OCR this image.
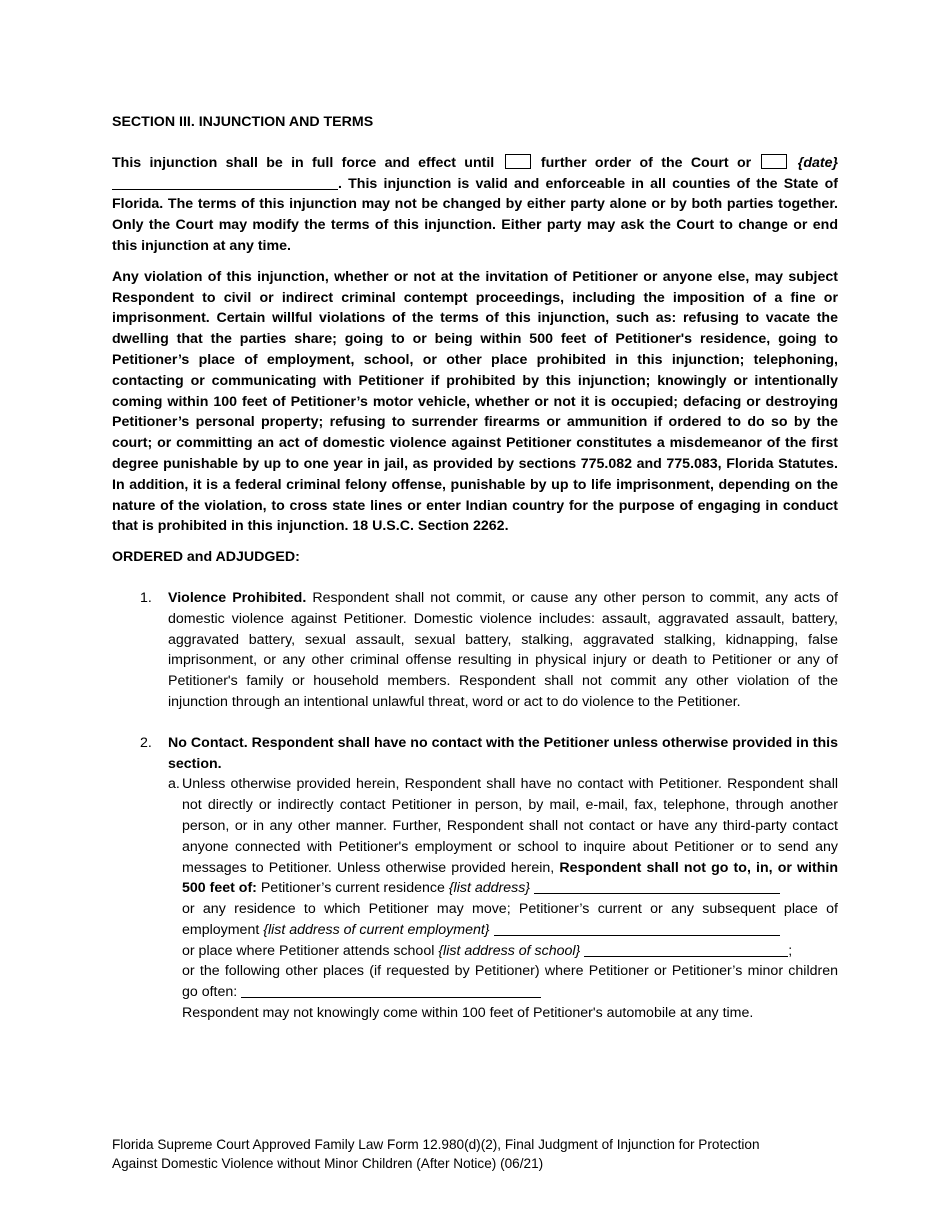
SECTION III. INJUNCTION AND TERMS
This injunction shall be in full force and effect until	further order of the Court or	{date}. This injunction is valid and enforceable in all counties of the State of Florida. The terms of this injunction may not be changed by either party alone or by both parties together. Only the Court may modify the terms of this injunction. Either party may ask the Court to change or end this injunction at any time.
Any violation of this injunction, whether or not at the invitation of Petitioner or anyone else, may subject Respondent to civil or indirect criminal contempt proceedings, including the imposition of a fine or imprisonment. Certain willful violations of the terms of this injunction, such as: refusing to vacate the dwelling that the parties share; going to or being within 500 feet of Petitioner's residence, going to Petitioner’s place of employment, school, or other place prohibited in this injunction; telephoning, contacting or communicating with Petitioner if prohibited by this injunction; knowingly or intentionally coming within 100 feet of Petitioner’s motor vehicle, whether or not it is occupied; defacing or destroying Petitioner’s personal property; refusing to surrender firearms or ammunition if ordered to do so by the court; or committing an act of domestic violence against Petitioner constitutes a misdemeanor of the first degree punishable by up to one year in jail, as provided by sections 775.082 and 775.083, Florida Statutes. In addition, it is a federal criminal felony offense, punishable by up to life imprisonment, depending on the nature of the violation, to cross state lines or enter Indian country for the purpose of engaging in conduct that is prohibited in this injunction. 18 U.S.C. Section 2262.
ORDERED and ADJUDGED:
1. Violence Prohibited. Respondent shall not commit, or cause any other person to commit, any acts of domestic violence against Petitioner. Domestic violence includes: assault, aggravated assault, battery, aggravated battery, sexual assault, sexual battery, stalking, aggravated stalking, kidnapping, false imprisonment, or any other criminal offense resulting in physical injury or death to Petitioner or any of Petitioner's family or household members. Respondent shall not commit any other violation of the injunction through an intentional unlawful threat, word or act to do violence to the Petitioner.
2. No Contact. Respondent shall have no contact with the Petitioner unless otherwise provided in this section.
a. Unless otherwise provided herein, Respondent shall have no contact with Petitioner. Respondent shall not directly or indirectly contact Petitioner in person, by mail, e-mail, fax, telephone, through another person, or in any other manner. Further, Respondent shall not contact or have any third-party contact anyone connected with Petitioner's employment or school to inquire about Petitioner or to send any messages to Petitioner. Unless otherwise provided herein, Respondent shall not go to, in, or within 500 feet of: Petitioner’s current residence {list address}
or any residence to which Petitioner may move; Petitioner’s current or any subsequent place of employment {list address of current employment}
or place where Petitioner attends school {list address of school}	;
or the following other places (if requested by Petitioner) where Petitioner or Petitioner’s minor children go often:
Respondent may not knowingly come within 100 feet of Petitioner's automobile at any time.
Florida Supreme Court Approved Family Law Form 12.980(d)(2), Final Judgment of Injunction for Protection
Against Domestic Violence without Minor Children (After Notice) (06/21)
